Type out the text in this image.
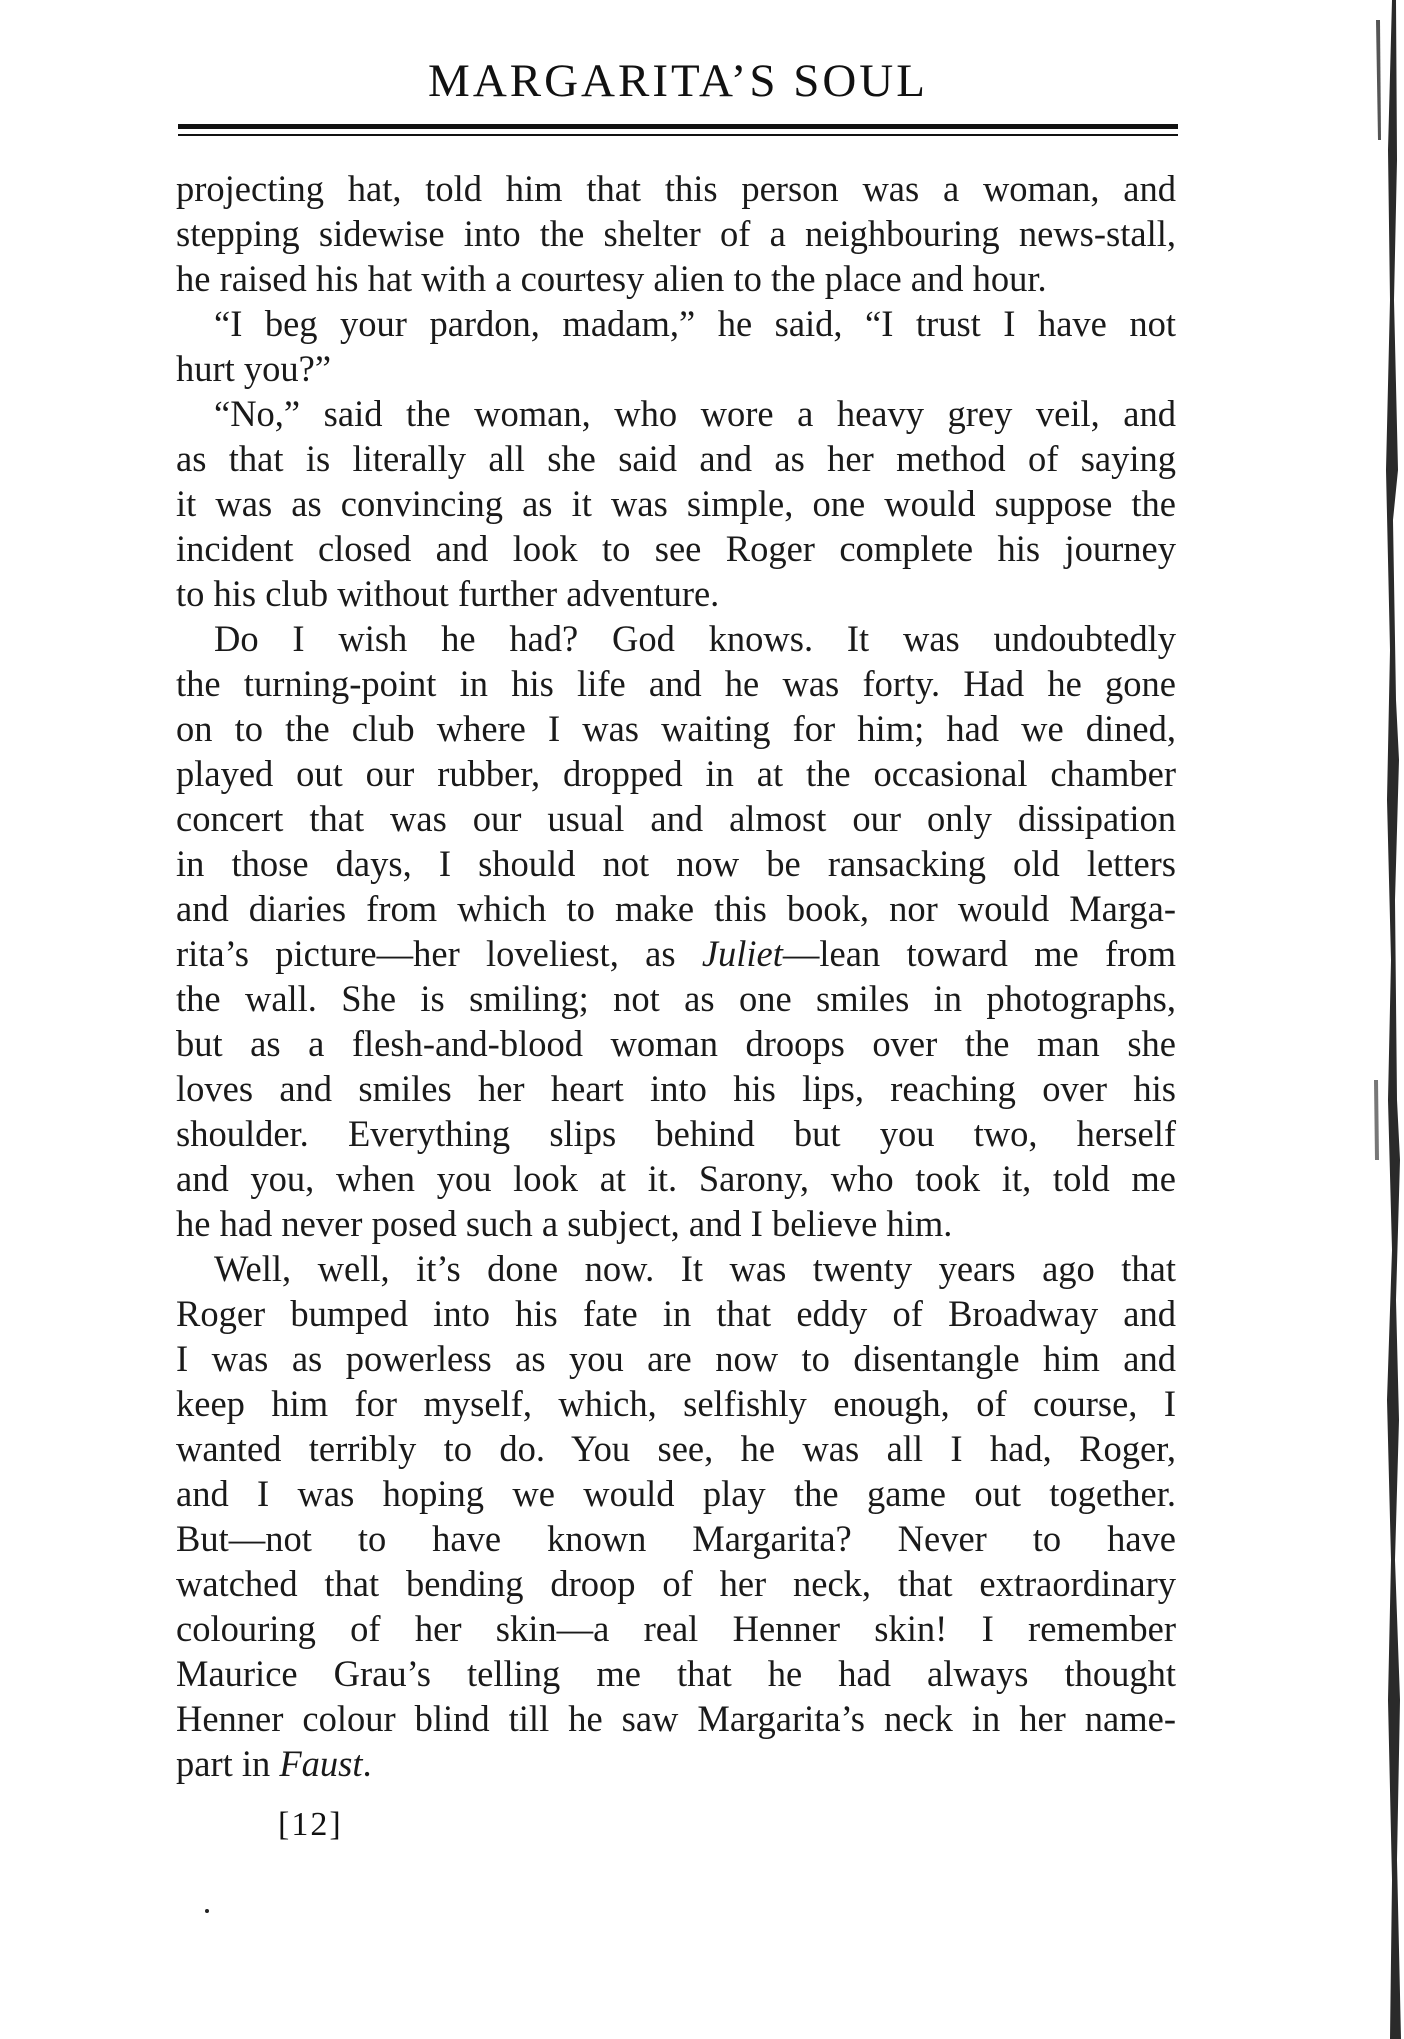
MARGARITA’S SOUL
projecting hat, told him that this person was a woman, and
stepping sidewise into the shelter of a neighbouring news-stall,
he raised his hat with a courtesy alien to the place and hour.
“I beg your pardon, madam,” he said, “I trust I have not
hurt you?”
“No,” said the woman, who wore a heavy grey veil, and
as that is literally all she said and as her method of saying
it was as convincing as it was simple, one would suppose the
incident closed and look to see Roger complete his journey
to his club without further adventure.
Do I wish he had? God knows. It was undoubtedly
the turning-point in his life and he was forty. Had he gone
on to the club where I was waiting for him; had we dined,
played out our rubber, dropped in at the occasional chamber
concert that was our usual and almost our only dissipation
in those days, I should not now be ransacking old letters
and diaries from which to make this book, nor would Marga-
rita’s picture—her loveliest, as Juliet—lean toward me from
the wall. She is smiling; not as one smiles in photographs,
but as a flesh-and-blood woman droops over the man she
loves and smiles her heart into his lips, reaching over his
shoulder. Everything slips behind but you two, herself
and you, when you look at it. Sarony, who took it, told me
he had never posed such a subject, and I believe him.
Well, well, it’s done now. It was twenty years ago that
Roger bumped into his fate in that eddy of Broadway and
I was as powerless as you are now to disentangle him and
keep him for myself, which, selfishly enough, of course, I
wanted terribly to do. You see, he was all I had, Roger,
and I was hoping we would play the game out together.
But—not to have known Margarita? Never to have
watched that bending droop of her neck, that extraordinary
colouring of her skin—a real Henner skin! I remember
Maurice Grau’s telling me that he had always thought
Henner colour blind till he saw Margarita’s neck in her name-
part in Faust.
[12]
